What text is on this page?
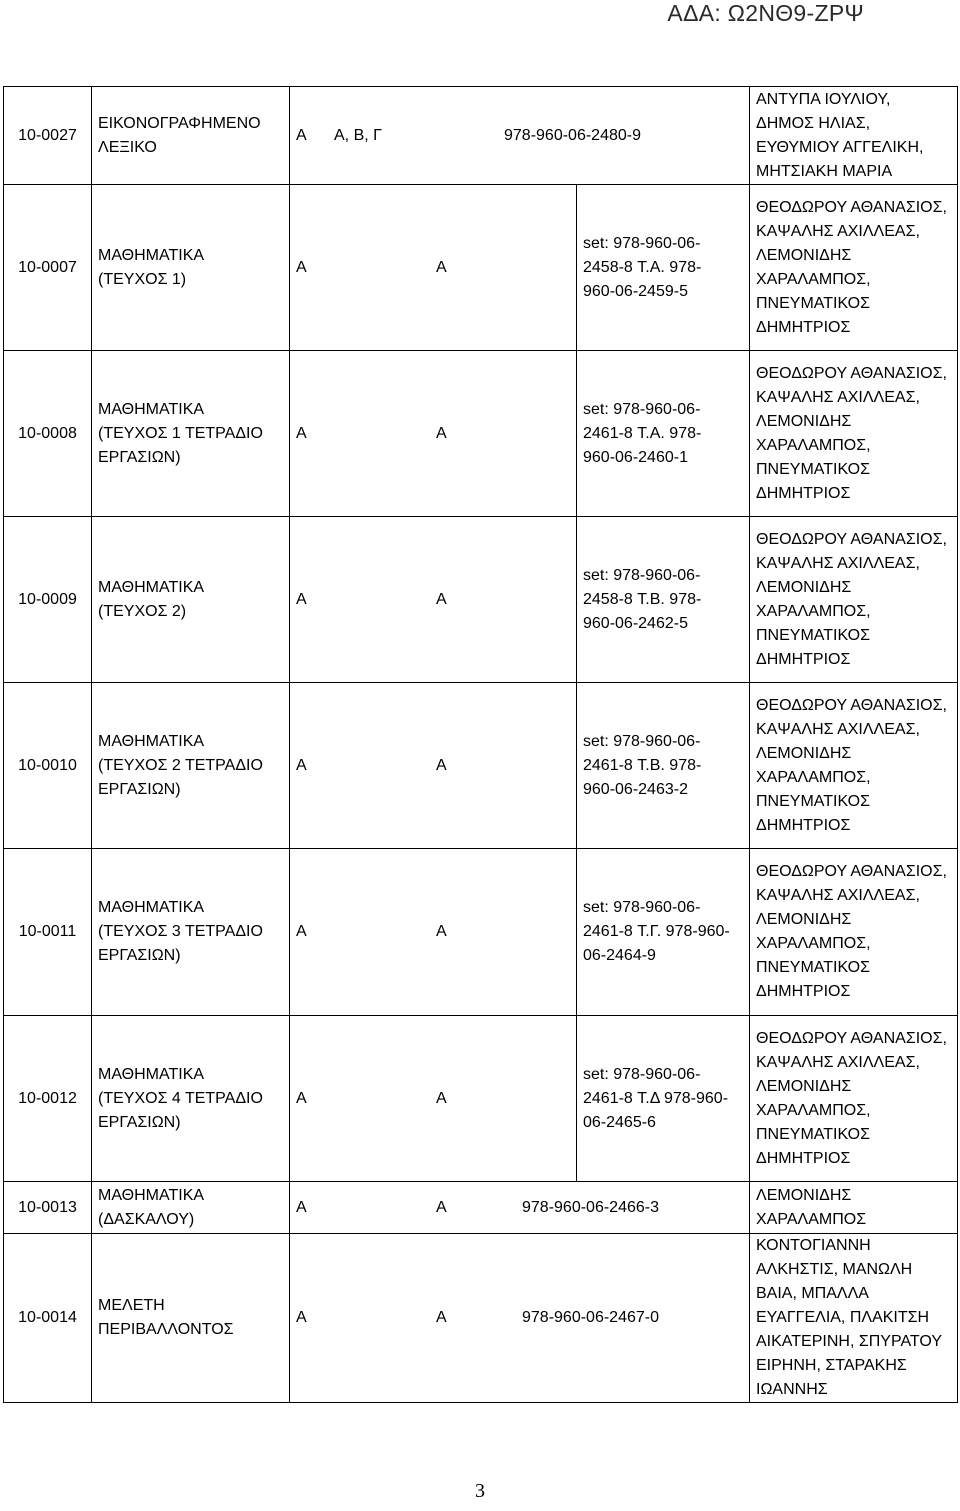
ΑΔΑ: Ω2ΝΘ9-ΖΡΨ
10-0027	ΕΙΚΟΝΟΓΡΑΦΗΜΕΝΟ ΛΕΞΙΚΟ	Α Α, Β, Γ 978-960-06-2480-9		ΑΝΤΥΠΑ ΙΟΥΛΙΟΥ, ΔΗΜΟΣ ΗΛΙΑΣ, ΕΥΘΥΜΙΟΥ ΑΓΓΕΛΙΚΗ, ΜΗΤΣΙΑΚΗ ΜΑΡΙΑ
10-0007	ΜΑΘΗΜΑΤΙΚΑ (ΤΕΥΧΟΣ 1)	Α Α	set: 978-960-06-2458-8 Τ.Α. 978-960-06-2459-5	ΘΕΟΔΩΡΟΥ ΑΘΑΝΑΣΙΟΣ, ΚΑΨΑΛΗΣ ΑΧΙΛΛΕΑΣ, ΛΕΜΟΝΙΔΗΣ ΧΑΡΑΛΑΜΠΟΣ, ΠΝΕΥΜΑΤΙΚΟΣ ΔΗΜΗΤΡΙΟΣ
10-0008	ΜΑΘΗΜΑΤΙΚΑ (ΤΕΥΧΟΣ 1 ΤΕΤΡΑΔΙΟ ΕΡΓΑΣΙΩΝ)	Α Α	set: 978-960-06-2461-8 Τ.Α. 978-960-06-2460-1	ΘΕΟΔΩΡΟΥ ΑΘΑΝΑΣΙΟΣ, ΚΑΨΑΛΗΣ ΑΧΙΛΛΕΑΣ, ΛΕΜΟΝΙΔΗΣ ΧΑΡΑΛΑΜΠΟΣ, ΠΝΕΥΜΑΤΙΚΟΣ ΔΗΜΗΤΡΙΟΣ
10-0009	ΜΑΘΗΜΑΤΙΚΑ (ΤΕΥΧΟΣ 2)	Α Α	set: 978-960-06-2458-8 Τ.Β. 978-960-06-2462-5	ΘΕΟΔΩΡΟΥ ΑΘΑΝΑΣΙΟΣ, ΚΑΨΑΛΗΣ ΑΧΙΛΛΕΑΣ, ΛΕΜΟΝΙΔΗΣ ΧΑΡΑΛΑΜΠΟΣ, ΠΝΕΥΜΑΤΙΚΟΣ ΔΗΜΗΤΡΙΟΣ
10-0010	ΜΑΘΗΜΑΤΙΚΑ (ΤΕΥΧΟΣ 2 ΤΕΤΡΑΔΙΟ ΕΡΓΑΣΙΩΝ)	Α Α	set: 978-960-06-2461-8 Τ.Β. 978-960-06-2463-2	ΘΕΟΔΩΡΟΥ ΑΘΑΝΑΣΙΟΣ, ΚΑΨΑΛΗΣ ΑΧΙΛΛΕΑΣ, ΛΕΜΟΝΙΔΗΣ ΧΑΡΑΛΑΜΠΟΣ, ΠΝΕΥΜΑΤΙΚΟΣ ΔΗΜΗΤΡΙΟΣ
10-0011	ΜΑΘΗΜΑΤΙΚΑ (ΤΕΥΧΟΣ 3 ΤΕΤΡΑΔΙΟ ΕΡΓΑΣΙΩΝ)	Α Α	set: 978-960-06-2461-8 Τ.Γ. 978-960-06-2464-9	ΘΕΟΔΩΡΟΥ ΑΘΑΝΑΣΙΟΣ, ΚΑΨΑΛΗΣ ΑΧΙΛΛΕΑΣ, ΛΕΜΟΝΙΔΗΣ ΧΑΡΑΛΑΜΠΟΣ, ΠΝΕΥΜΑΤΙΚΟΣ ΔΗΜΗΤΡΙΟΣ
10-0012	ΜΑΘΗΜΑΤΙΚΑ (ΤΕΥΧΟΣ 4 ΤΕΤΡΑΔΙΟ ΕΡΓΑΣΙΩΝ)	Α Α	set: 978-960-06-2461-8 Τ.Δ 978-960-06-2465-6	ΘΕΟΔΩΡΟΥ ΑΘΑΝΑΣΙΟΣ, ΚΑΨΑΛΗΣ ΑΧΙΛΛΕΑΣ, ΛΕΜΟΝΙΔΗΣ ΧΑΡΑΛΑΜΠΟΣ, ΠΝΕΥΜΑΤΙΚΟΣ ΔΗΜΗΤΡΙΟΣ
10-0013	ΜΑΘΗΜΑΤΙΚΑ (ΔΑΣΚΑΛΟΥ)	Α Α 978-960-06-2466-3		ΛΕΜΟΝΙΔΗΣ ΧΑΡΑΛΑΜΠΟΣ
10-0014	ΜΕΛΕΤΗ ΠΕΡΙΒΑΛΛΟΝΤΟΣ	Α Α 978-960-06-2467-0		ΚΟΝΤΟΓΙΑΝΝΗ ΑΛΚΗΣΤΙΣ, ΜΑΝΩΛΗ ΒΑΙΑ, ΜΠΑΛΛΑ ΕΥΑΓΓΕΛΙΑ, ΠΛΑΚΙΤΣΗ ΑΙΚΑΤΕΡΙΝΗ, ΣΠΥΡΑΤΟΥ ΕΙΡΗΝΗ, ΣΤΑΡΑΚΗΣ ΙΩΑΝΝΗΣ
3
